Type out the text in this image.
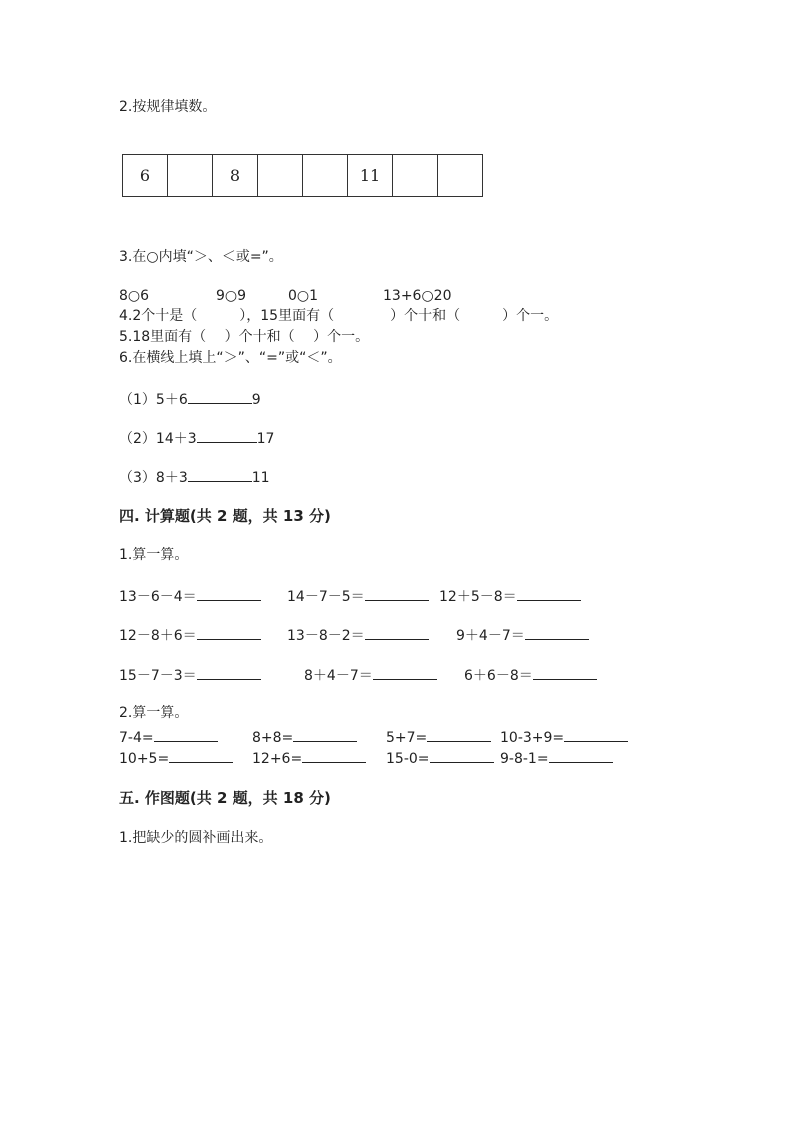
2.按规律填数。
6		8			11		
3.在○内填“＞、＜或=”。
8○6	9○9	0○1	13+6○20
4.2个十是（　　　），15里面有（　　　　）个十和（　　　）个一。
5.18里面有（　 ）个十和（　 ）个一。
6.在横线上填上“＞”、“=”或“＜”。
（1）5＋6	9
（2）14＋3	17
（3）8＋3	11
四. 计算题(共 2 题，共 13 分)
1.算一算。
13－6－4＝	14－7－5＝	12＋5－8＝
12－8＋6＝	13－8－2＝	9＋4－7＝
15－7－3＝	8＋4－7＝	6＋6－8＝
2.算一算。
7-4=	8+8=	5+7=	10-3+9=
10+5=	12+6=	15-0=	9-8-1=
五. 作图题(共 2 题，共 18 分)
1.把缺少的圆补画出来。
